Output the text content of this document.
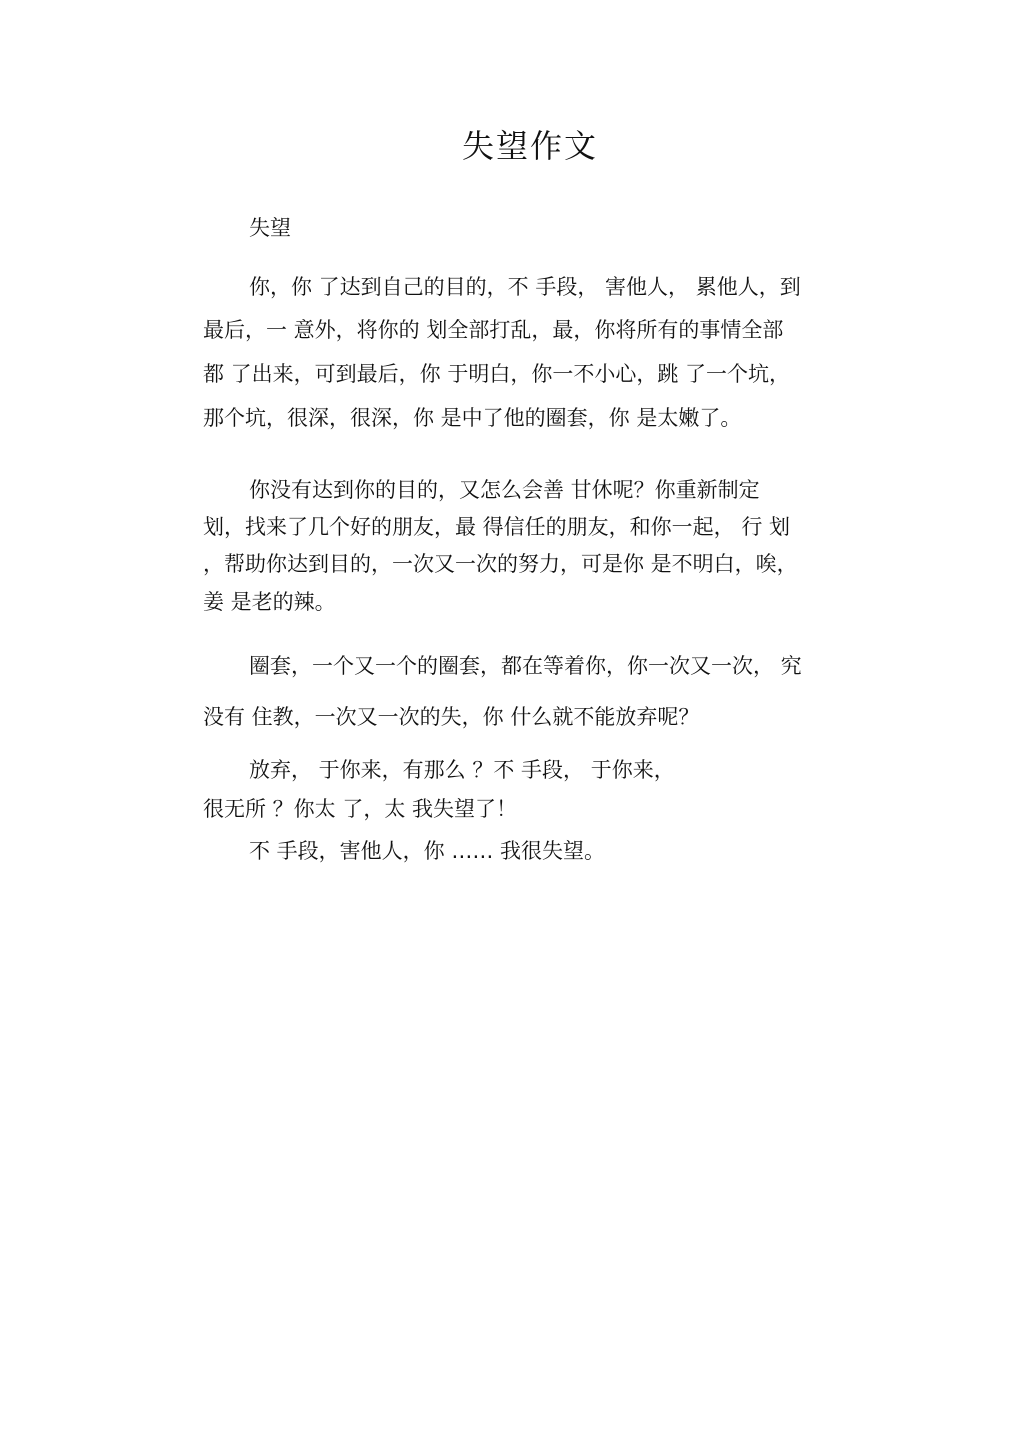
失望作文
失望
你，你 了达到自己的目的，不 手段， 害他人， 累他人，到
最后，一 意外，将你的 划全部打乱，最，你将所有的事情全部
都 了出来，可到最后，你 于明白，你一不小心，跳 了一个坑，
那个坑，很深，很深，你 是中了他的圈套，你 是太嫩了。
你没有达到你的目的，又怎么会善 甘休呢？你重新制定
划，找来了几个好的朋友，最 得信任的朋友，和你一起， 行 划
，帮助你达到目的，一次又一次的努力，可是你 是不明白，唉，
姜 是老的辣。
圈套，一个又一个的圈套，都在等着你，你一次又一次， 究
没有 住教，一次又一次的失，你 什么就不能放弃呢？
放弃， 于你来，有那么 ？不 手段， 于你来，
很无所 ？你太 了，太 我失望了！
不 手段，害他人，你 …… 我很失望。
